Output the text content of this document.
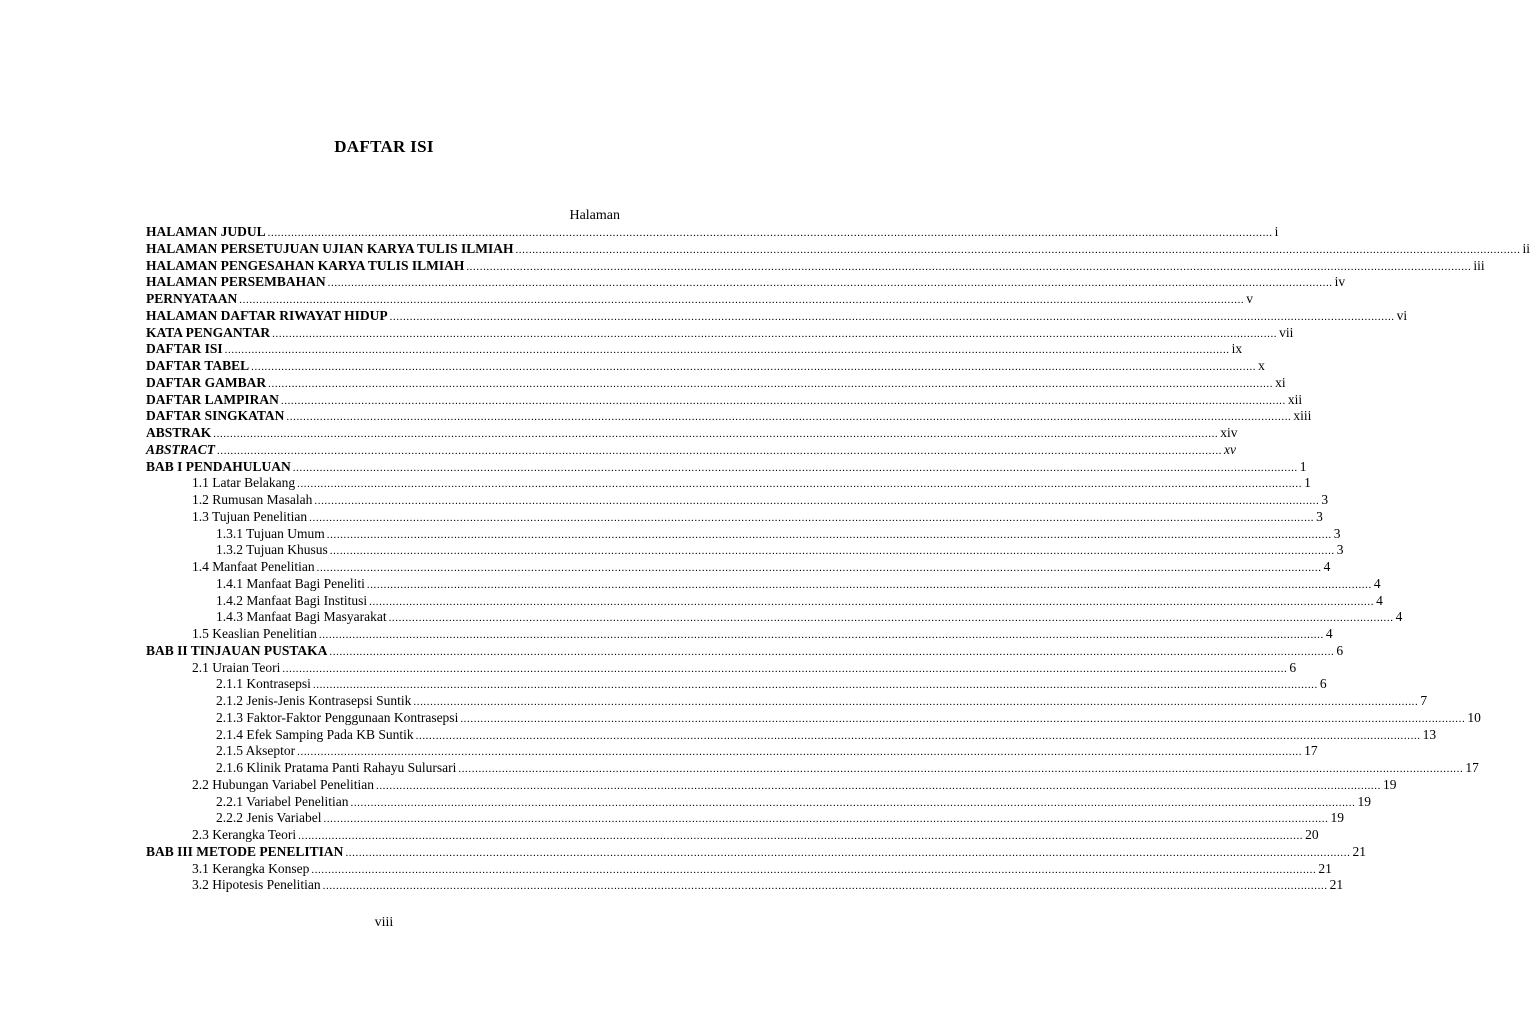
DAFTAR ISI
Halaman
HALAMAN JUDUL ............................................................................................................................................................................................................................................................................................................ i
HALAMAN PERSETUJUAN UJIAN KARYA TULIS ILMIAH ............................................................................................................................................................................................................................................................................................................ ii
HALAMAN PENGESAHAN KARYA TULIS ILMIAH ............................................................................................................................................................................................................................................................................................................ iii
HALAMAN PERSEMBAHAN ............................................................................................................................................................................................................................................................................................................ iv
PERNYATAAN ............................................................................................................................................................................................................................................................................................................ v
HALAMAN DAFTAR RIWAYAT HIDUP ............................................................................................................................................................................................................................................................................................................ vi
KATA PENGANTAR ............................................................................................................................................................................................................................................................................................................ vii
DAFTAR ISI ............................................................................................................................................................................................................................................................................................................ ix
DAFTAR TABEL ............................................................................................................................................................................................................................................................................................................ x
DAFTAR GAMBAR ............................................................................................................................................................................................................................................................................................................ xi
DAFTAR LAMPIRAN ............................................................................................................................................................................................................................................................................................................ xii
DAFTAR SINGKATAN ............................................................................................................................................................................................................................................................................................................ xiii
ABSTRAK ............................................................................................................................................................................................................................................................................................................ xiv
ABSTRACT ............................................................................................................................................................................................................................................................................................................ xv
BAB I PENDAHULUAN ............................................................................................................................................................................................................................................................................................................ 1
1.1 Latar Belakang ............................................................................................................................................................................................................................................................................................................ 1
1.2 Rumusan Masalah ............................................................................................................................................................................................................................................................................................................ 3
1.3 Tujuan Penelitian ............................................................................................................................................................................................................................................................................................................ 3
1.3.1 Tujuan Umum ............................................................................................................................................................................................................................................................................................................ 3
1.3.2 Tujuan Khusus ............................................................................................................................................................................................................................................................................................................ 3
1.4 Manfaat Penelitian ............................................................................................................................................................................................................................................................................................................ 4
1.4.1 Manfaat Bagi Peneliti ............................................................................................................................................................................................................................................................................................................ 4
1.4.2 Manfaat Bagi Institusi ............................................................................................................................................................................................................................................................................................................ 4
1.4.3 Manfaat Bagi Masyarakat ............................................................................................................................................................................................................................................................................................................ 4
1.5 Keaslian Penelitian ............................................................................................................................................................................................................................................................................................................ 4
BAB II TINJAUAN PUSTAKA ............................................................................................................................................................................................................................................................................................................ 6
2.1 Uraian Teori ............................................................................................................................................................................................................................................................................................................ 6
2.1.1 Kontrasepsi ............................................................................................................................................................................................................................................................................................................ 6
2.1.2 Jenis-Jenis Kontrasepsi Suntik ............................................................................................................................................................................................................................................................................................................ 7
2.1.3 Faktor-Faktor Penggunaan Kontrasepsi ............................................................................................................................................................................................................................................................................................................ 10
2.1.4 Efek Samping Pada KB Suntik ............................................................................................................................................................................................................................................................................................................ 13
2.1.5 Akseptor ............................................................................................................................................................................................................................................................................................................ 17
2.1.6 Klinik Pratama Panti Rahayu Sulursari ............................................................................................................................................................................................................................................................................................................ 17
2.2 Hubungan Variabel Penelitian ............................................................................................................................................................................................................................................................................................................ 19
2.2.1 Variabel Penelitian ............................................................................................................................................................................................................................................................................................................ 19
2.2.2 Jenis Variabel ............................................................................................................................................................................................................................................................................................................ 19
2.3 Kerangka Teori ............................................................................................................................................................................................................................................................................................................ 20
BAB III METODE PENELITIAN ............................................................................................................................................................................................................................................................................................................ 21
3.1 Kerangka Konsep ............................................................................................................................................................................................................................................................................................................ 21
3.2 Hipotesis Penelitian ............................................................................................................................................................................................................................................................................................................ 21
viii
